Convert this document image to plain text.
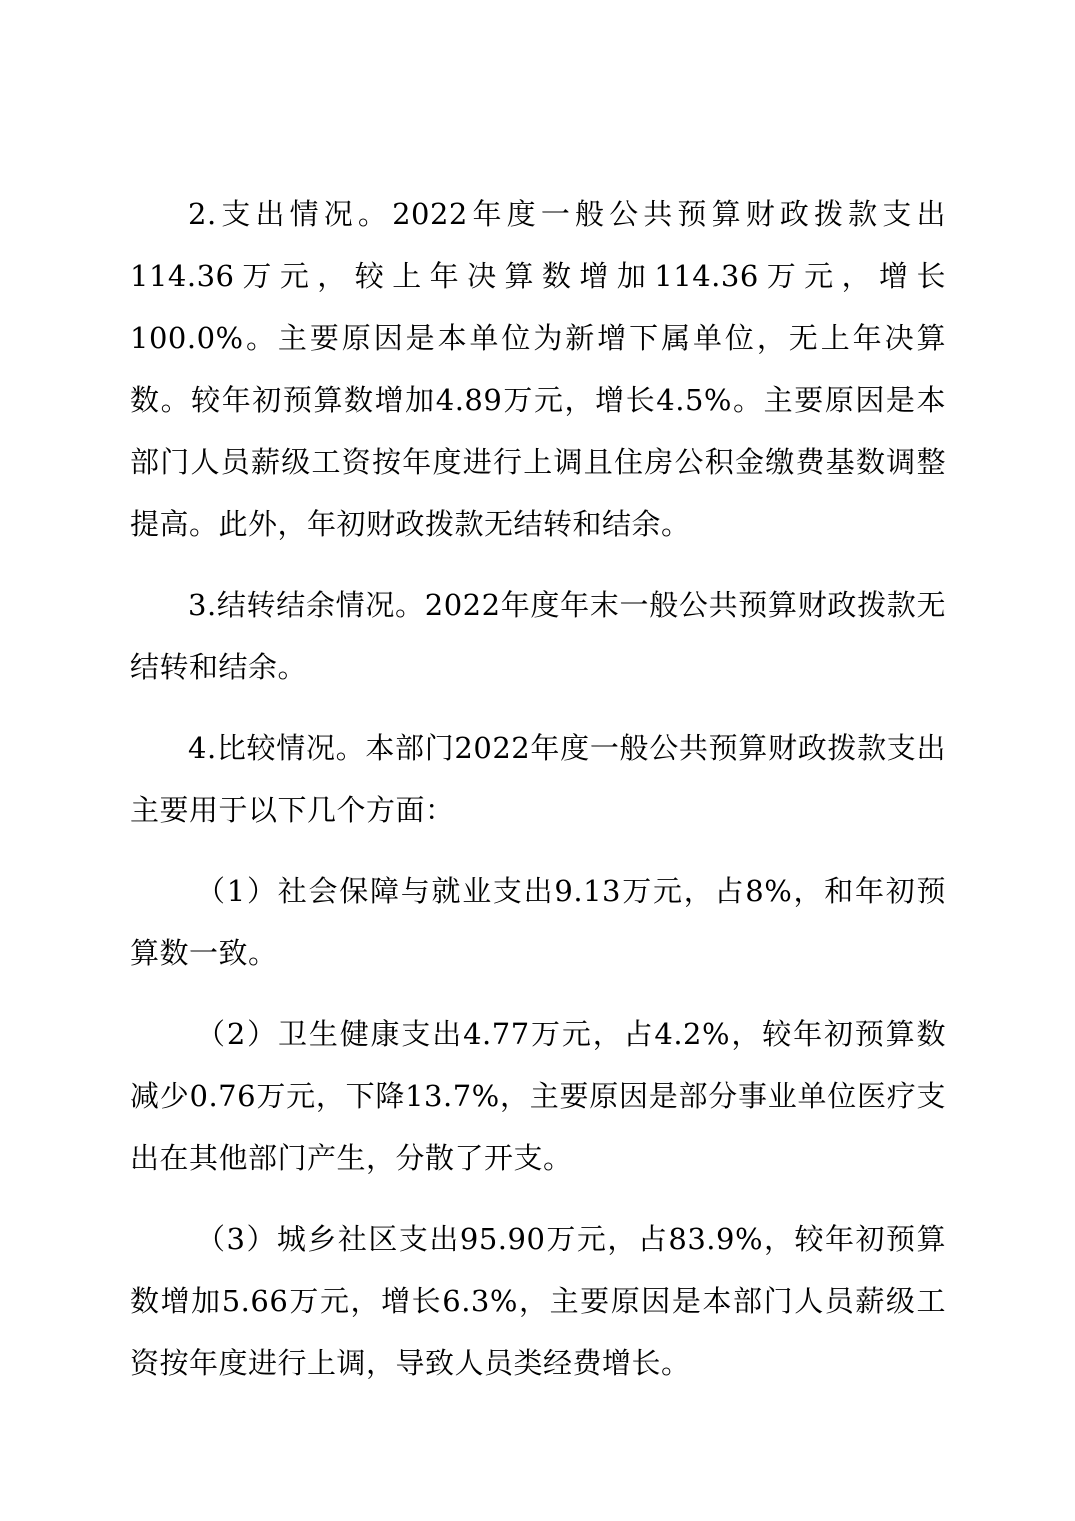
2.支出情况。2022年度一般公共预算财政拨款支出114.36万元，较上年决算数增加114.36万元，增长100.0%。主要原因是本单位为新增下属单位，无上年决算数。较年初预算数增加4.89万元，增长4.5%。主要原因是本部门人员薪级工资按年度进行上调且住房公积金缴费基数调整提高。此外，年初财政拨款无结转和结余。

3.结转结余情况。2022年度年末一般公共预算财政拨款无结转和结余。

4.比较情况。本部门2022年度一般公共预算财政拨款支出主要用于以下几个方面：

（1）社会保障与就业支出9.13万元，占8%，和年初预算数一致。

（2）卫生健康支出4.77万元，占4.2%，较年初预算数减少0.76万元，下降13.7%，主要原因是部分事业单位医疗支出在其他部门产生，分散了开支。

（3）城乡社区支出95.90万元，占83.9%，较年初预算数增加5.66万元，增长6.3%，主要原因是本部门人员薪级工资按年度进行上调，导致人员类经费增长。
